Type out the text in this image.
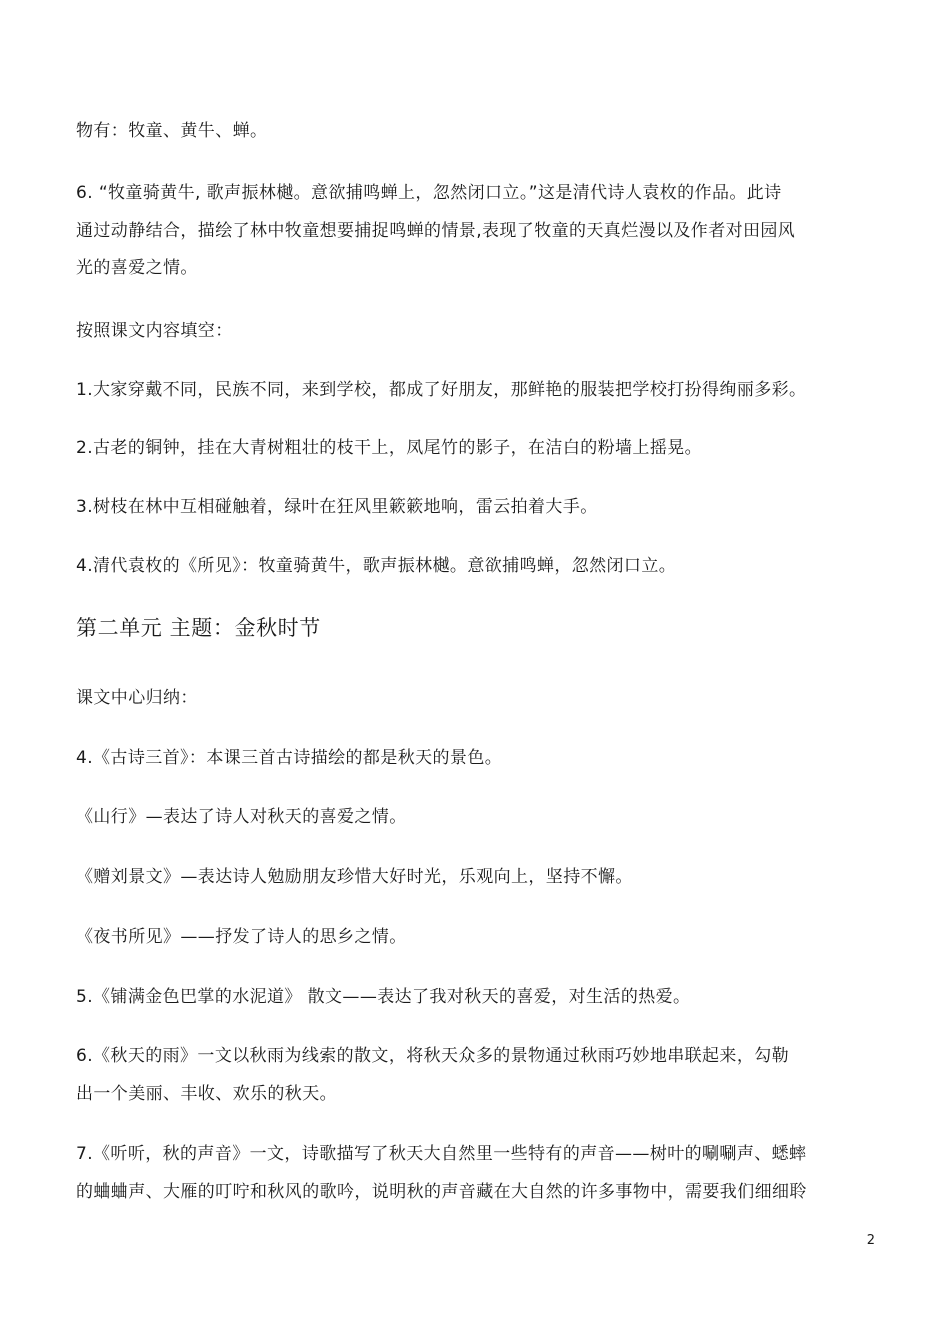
物有：牧童、黄牛、蝉。
6. “牧童骑黄牛, 歌声振林樾。意欲捕鸣蝉上，忽然闭口立。”这是清代诗人袁枚的作品。此诗
通过动静结合，描绘了林中牧童想要捕捉鸣蝉的情景,表现了牧童的天真烂漫以及作者对田园风
光的喜爱之情。
按照课文内容填空：
1.大家穿戴不同，民族不同，来到学校，都成了好朋友，那鲜艳的服装把学校打扮得绚丽多彩。
2.古老的铜钟，挂在大青树粗壮的枝干上，凤尾竹的影子，在洁白的粉墙上摇晃。
3.树枝在林中互相碰触着，绿叶在狂风里簌簌地响，雷云拍着大手。
4.清代袁枚的《所见》：牧童骑黄牛，歌声振林樾。意欲捕鸣蝉，忽然闭口立。
第二单元 主题：金秋时节
课文中心归纳：
4.《古诗三首》：本课三首古诗描绘的都是秋天的景色。
《山行》—表达了诗人对秋天的喜爱之情。
《赠刘景文》—表达诗人勉励朋友珍惜大好时光，乐观向上，坚持不懈。
《夜书所见》——抒发了诗人的思乡之情。
5.《铺满金色巴掌的水泥道》 散文——表达了我对秋天的喜爱，对生活的热爱。
6.《秋天的雨》一文以秋雨为线索的散文，将秋天众多的景物通过秋雨巧妙地串联起来，勾勒
出一个美丽、丰收、欢乐的秋天。
7.《听听，秋的声音》一文，诗歌描写了秋天大自然里一些特有的声音——树叶的唰唰声、蟋蟀
的蛐蛐声、大雁的叮咛和秋风的歌吟，说明秋的声音藏在大自然的许多事物中，需要我们细细聆
2
